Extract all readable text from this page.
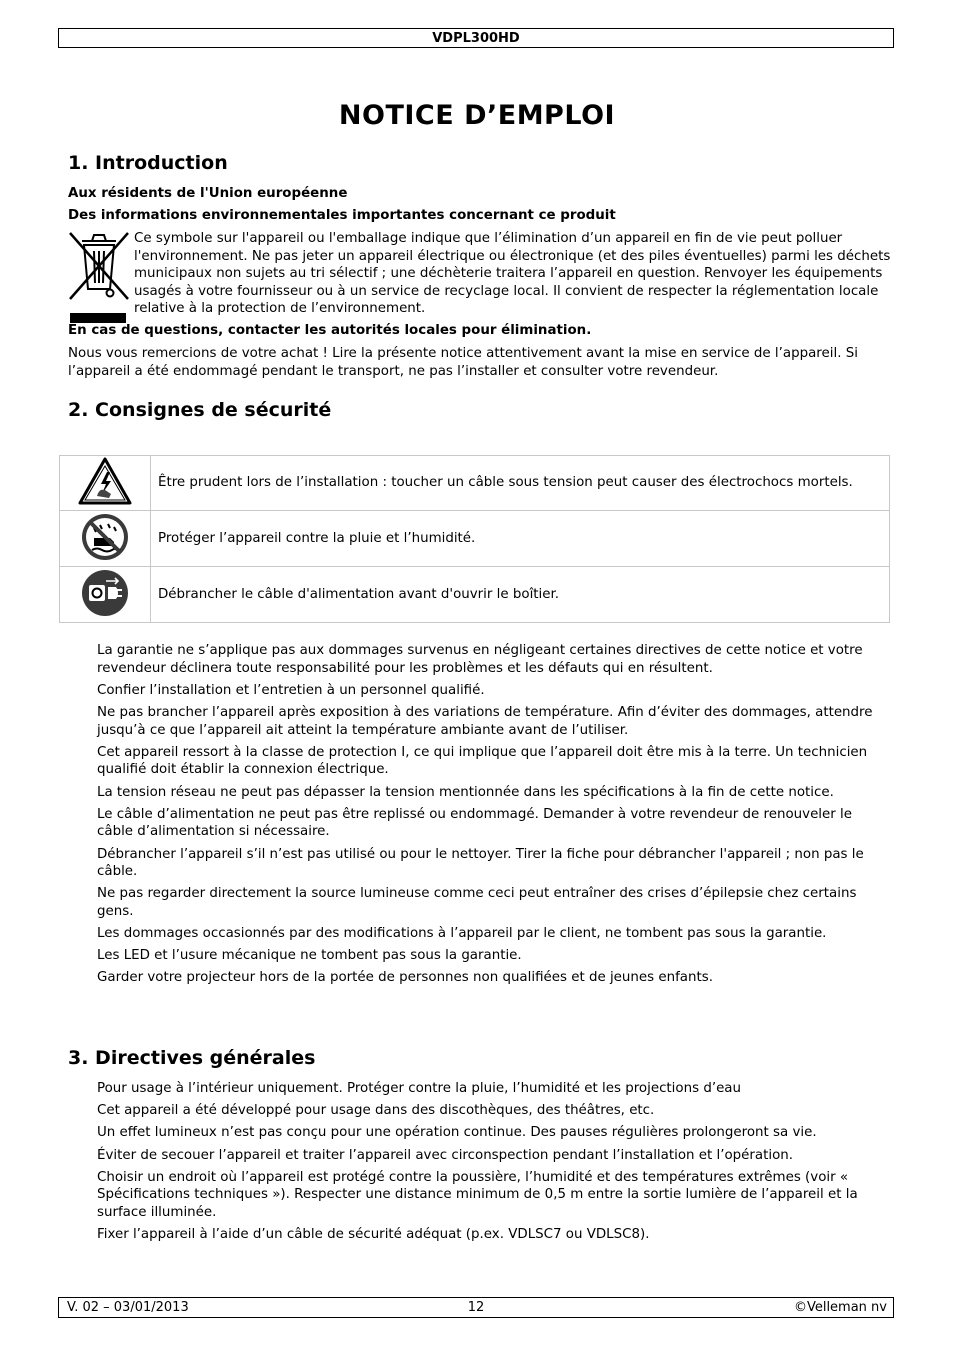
VDPL300HD
NOTICE D’EMPLOI
1. Introduction
Aux résidents de l'Union européenne
Des informations environnementales importantes concernant ce produit
Ce symbole sur l'appareil ou l'emballage indique que l’élimination d’un appareil en fin de vie peut polluer l'environnement. Ne pas jeter un appareil électrique ou électronique (et des piles éventuelles) parmi les déchets municipaux non sujets au tri sélectif ; une déchèterie traitera l’appareil en question. Renvoyer les équipements usagés à votre fournisseur ou à un service de recyclage local. Il convient de respecter la réglementation locale relative à la protection de l’environnement.
En cas de questions, contacter les autorités locales pour élimination.
Nous vous remercions de votre achat ! Lire la présente notice attentivement avant la mise en service de l’appareil. Si l’appareil a été endommagé pendant le transport, ne pas l’installer et consulter votre revendeur.
2. Consignes de sécurité
	Être prudent lors de l’installation : toucher un câble sous tension peut causer des électrochocs mortels.
	Protéger l’appareil contre la pluie et l’humidité.
	Débrancher le câble d'alimentation avant d'ouvrir le boîtier.
La garantie ne s’applique pas aux dommages survenus en négligeant certaines directives de cette notice et votre revendeur déclinera toute responsabilité pour les problèmes et les défauts qui en résultent.
Confier l’installation et l’entretien à un personnel qualifié.
Ne pas brancher l’appareil après exposition à des variations de température. Afin d’éviter des dommages, attendre jusqu’à ce que l’appareil ait atteint la température ambiante avant de l’utiliser.
Cet appareil ressort à la classe de protection I, ce qui implique que l’appareil doit être mis à la terre. Un technicien qualifié doit établir la connexion électrique.
La tension réseau ne peut pas dépasser la tension mentionnée dans les spécifications à la fin de cette notice.
Le câble d’alimentation ne peut pas être replissé ou endommagé. Demander à votre revendeur de renouveler le câble d’alimentation si nécessaire.
Débrancher l’appareil s’il n’est pas utilisé ou pour le nettoyer. Tirer la fiche pour débrancher l'appareil ; non pas le câble.
Ne pas regarder directement la source lumineuse comme ceci peut entraîner des crises d’épilepsie chez certains gens.
Les dommages occasionnés par des modifications à l’appareil par le client, ne tombent pas sous la garantie.
Les LED et l’usure mécanique ne tombent pas sous la garantie.
Garder votre projecteur hors de la portée de personnes non qualifiées et de jeunes enfants.
3. Directives générales
Pour usage à l’intérieur uniquement. Protéger contre la pluie, l’humidité et les projections d’eau
Cet appareil a été développé pour usage dans des discothèques, des théâtres, etc.
Un effet lumineux n’est pas conçu pour une opération continue. Des pauses régulières prolongeront sa vie.
Éviter de secouer l’appareil et traiter l’appareil avec circonspection pendant l’installation et l’opération.
Choisir un endroit où l’appareil est protégé contre la poussière, l’humidité et des températures extrêmes (voir « Spécifications techniques »). Respecter une distance minimum de 0,5 m entre la sortie lumière de l’appareil et la surface illuminée.
Fixer l’appareil à l’aide d’un câble de sécurité adéquat (p.ex. VDLSC7 ou VDLSC8).
V. 02 – 03/01/2013	12	©Velleman nv
